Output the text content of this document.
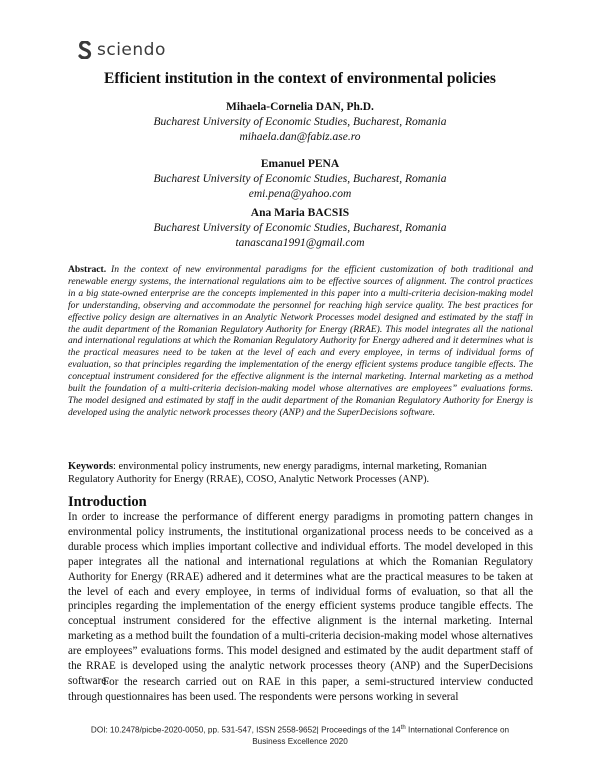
sciendo
Efficient institution in the context of environmental policies
Mihaela-Cornelia DAN, Ph.D.
Bucharest University of Economic Studies, Bucharest, Romania
mihaela.dan@fabiz.ase.ro
Emanuel PENA
Bucharest University of Economic Studies, Bucharest, Romania
emi.pena@yahoo.com
Ana Maria BACSIS
Bucharest University of Economic Studies, Bucharest, Romania
tanascana1991@gmail.com
Abstract. In the context of new environmental paradigms for the efficient customization of both traditional and renewable energy systems, the international regulations aim to be effective sources of alignment. The control practices in a big state-owned enterprise are the concepts implemented in this paper into a multi-criteria decision-making model for understanding, observing and accommodate the personnel for reaching high service quality. The best practices for effective policy design are alternatives in an Analytic Network Processes model designed and estimated by the staff in the audit department of the Romanian Regulatory Authority for Energy (RRAE). This model integrates all the national and international regulations at which the Romanian Regulatory Authority for Energy adhered and it determines what is the practical measures need to be taken at the level of each and every employee, in terms of individual forms of evaluation, so that principles regarding the implementation of the energy efficient systems produce tangible effects. The conceptual instrument considered for the effective alignment is the internal marketing. Internal marketing as a method built the foundation of a multi-criteria decision-making model whose alternatives are employees” evaluations forms. The model designed and estimated by staff in the audit department of the Romanian Regulatory Authority for Energy is developed using the analytic network processes theory (ANP) and the SuperDecisions software.
Keywords: environmental policy instruments, new energy paradigms, internal marketing, Romanian Regulatory Authority for Energy (RRAE), COSO, Analytic Network Processes (ANP).
Introduction
In order to increase the performance of different energy paradigms in promoting pattern changes in environmental policy instruments, the institutional organizational process needs to be conceived as a durable process which implies important collective and individual efforts. The model developed in this paper integrates all the national and international regulations at which the Romanian Regulatory Authority for Energy (RRAE) adhered and it determines what are the practical measures to be taken at the level of each and every employee, in terms of individual forms of evaluation, so that all the principles regarding the implementation of the energy efficient systems produce tangible effects. The conceptual instrument considered for the effective alignment is the internal marketing. Internal marketing as a method built the foundation of a multi-criteria decision-making model whose alternatives are employees” evaluations forms. This model designed and estimated by the audit department staff of the RRAE is developed using the analytic network processes theory (ANP) and the SuperDecisions software.
For the research carried out on RAE in this paper, a semi-structured interview conducted through questionnaires has been used. The respondents were persons working in several
DOI: 10.2478/picbe-2020-0050, pp. 531-547, ISSN 2558-9652| Proceedings of the 14th International Conference on Business Excellence 2020
